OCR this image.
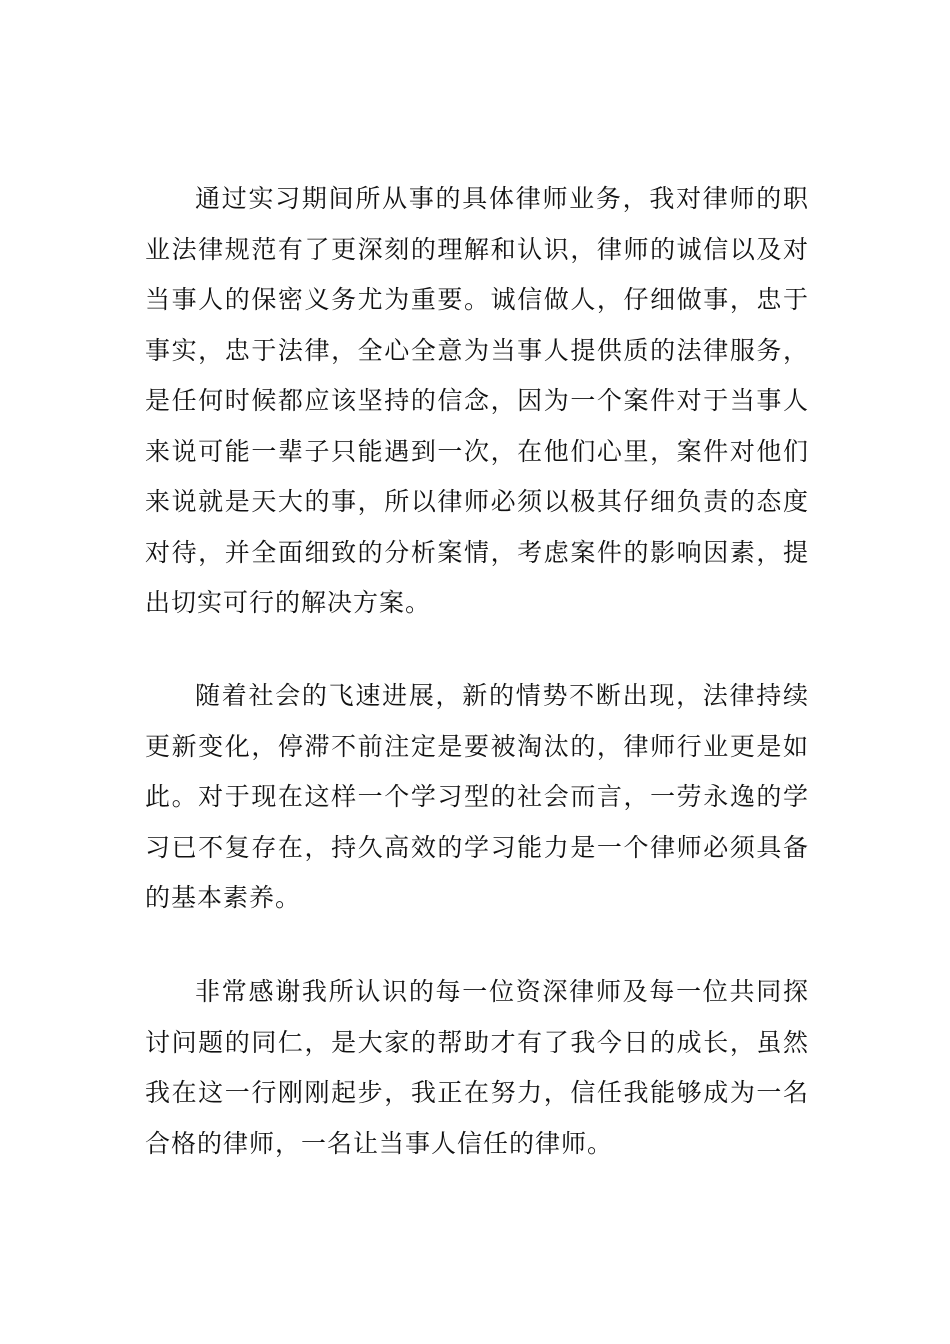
通过实习期间所从事的具体律师业务，我对律师的职业法律规范有了更深刻的理解和认识，律师的诚信以及对当事人的保密义务尤为重要。诚信做人，仔细做事，忠于事实，忠于法律，全心全意为当事人提供质的法律服务，是任何时候都应该坚持的信念，因为一个案件对于当事人来说可能一辈子只能遇到一次，在他们心里，案件对他们来说就是天大的事，所以律师必须以极其仔细负责的态度对待，并全面细致的分析案情，考虑案件的影响因素，提出切实可行的解决方案。

随着社会的飞速进展，新的情势不断出现，法律持续更新变化，停滞不前注定是要被淘汰的，律师行业更是如此。对于现在这样一个学习型的社会而言，一劳永逸的学习已不复存在，持久高效的学习能力是一个律师必须具备的基本素养。

非常感谢我所认识的每一位资深律师及每一位共同探讨问题的同仁，是大家的帮助才有了我今日的成长，虽然我在这一行刚刚起步，我正在努力，信任我能够成为一名合格的律师，一名让当事人信任的律师。
